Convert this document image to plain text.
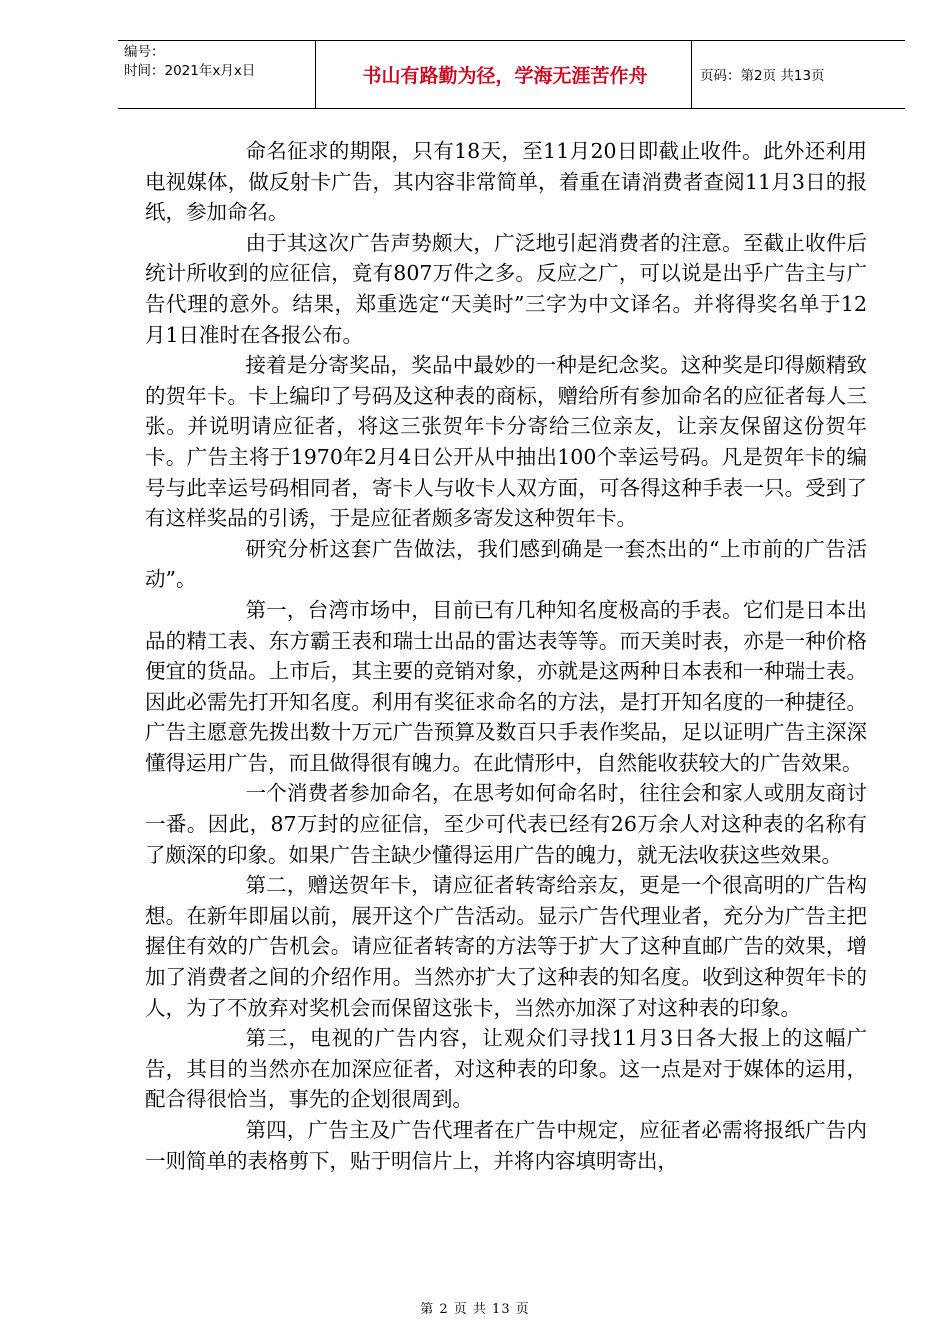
编号：
时间：2021年x月x日	书山有路勤为径，学海无涯苦作舟	页码：第2页 共13页

命名征求的期限，只有18天，至11月20日即截止收件。此外还利用电视媒体，做反射卡广告，其内容非常简单，着重在请消费者查阅11月3日的报纸，参加命名。

由于其这次广告声势颇大，广泛地引起消费者的注意。至截止收件后统计所收到的应征信，竟有807万件之多。反应之广，可以说是出乎广告主与广告代理的意外。结果，郑重选定“天美时”三字为中文译名。并将得奖名单于12月1日准时在各报公布。

接着是分寄奖品，奖品中最妙的一种是纪念奖。这种奖是印得颇精致的贺年卡。卡上编印了号码及这种表的商标，赠给所有参加命名的应征者每人三张。并说明请应征者，将这三张贺年卡分寄给三位亲友，让亲友保留这份贺年卡。广告主将于1970年2月4日公开从中抽出100个幸运号码。凡是贺年卡的编号与此幸运号码相同者，寄卡人与收卡人双方面，可各得这种手表一只。受到了有这样奖品的引诱，于是应征者颇多寄发这种贺年卡。

研究分析这套广告做法，我们感到确是一套杰出的“上市前的广告活动”。

第一，台湾市场中，目前已有几种知名度极高的手表。它们是日本出品的精工表、东方霸王表和瑞士出品的雷达表等等。而天美时表，亦是一种价格便宜的货品。上市后，其主要的竞销对象，亦就是这两种日本表和一种瑞士表。因此必需先打开知名度。利用有奖征求命名的方法，是打开知名度的一种捷径。广告主愿意先拨出数十万元广告预算及数百只手表作奖品，足以证明广告主深深懂得运用广告，而且做得很有魄力。在此情形中，自然能收获较大的广告效果。

一个消费者参加命名，在思考如何命名时，往往会和家人或朋友商讨一番。因此，87万封的应征信，至少可代表已经有26万余人对这种表的名称有了颇深的印象。如果广告主缺少懂得运用广告的魄力，就无法收获这些效果。

第二，赠送贺年卡，请应征者转寄给亲友，更是一个很高明的广告构想。在新年即届以前，展开这个广告活动。显示广告代理业者，充分为广告主把握住有效的广告机会。请应征者转寄的方法等于扩大了这种直邮广告的效果，增加了消费者之间的介绍作用。当然亦扩大了这种表的知名度。收到这种贺年卡的人，为了不放弃对奖机会而保留这张卡，当然亦加深了对这种表的印象。

第三，电视的广告内容，让观众们寻找11月3日各大报上的这幅广告，其目的当然亦在加深应征者，对这种表的印象。这一点是对于媒体的运用，配合得很恰当，事先的企划很周到。

第四，广告主及广告代理者在广告中规定，应征者必需将报纸广告内一则简单的表格剪下，贴于明信片上，并将内容填明寄出，

第 2 页 共 13 页
